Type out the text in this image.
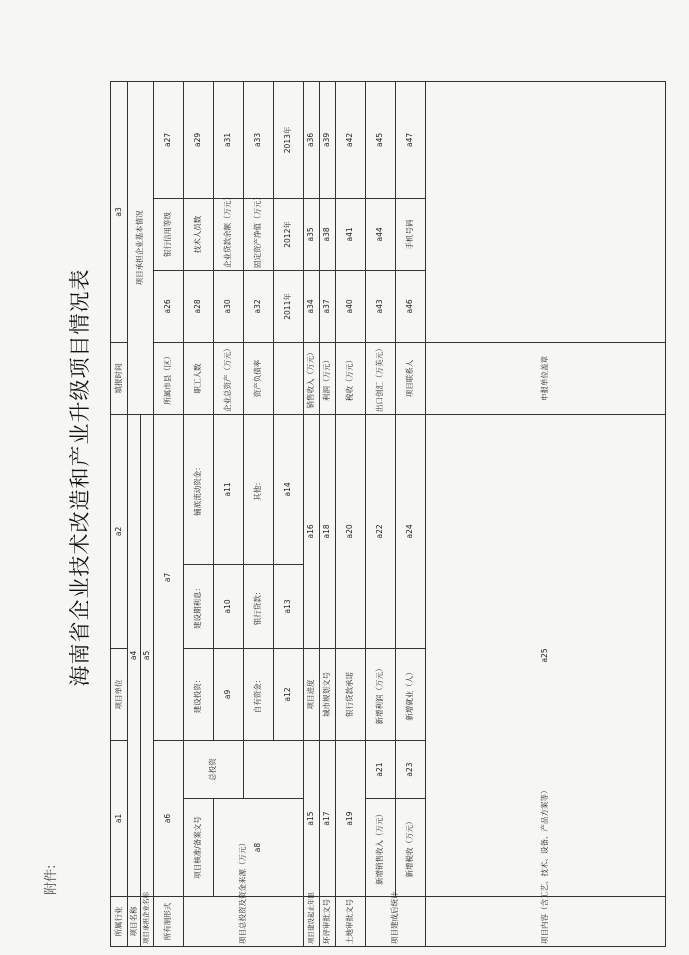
附件:
海南省企业技术改造和产业升级项目情况表
所属行业	a1		项目单位	a2		填报时间	a3		
项目名称	a4					项目承担企业基本情况			
项目承担企业名称	a5								
所有制形式	a6		a7			所属市县（区）	a26	银行信用等级	a27
项目总投资及资金来源（万元）	项目核准/备案文号	总投资	建设投资：	建设期利息：	铺底流动资金：	职工人数	a28	技术人员数	a29
	a8		a9	a10	a11	企业总资产（万元）	a30	企业贷款余额（万元）	a31
			自有资金：	银行贷款：	其他：	资产负债率	a32	固定资产净值（万元）	a33
			a12	a13	a14		2011年	2012年	2013年
项目建设起止年限	a15		项目进度	a16		销售收入（万元）	a34	a35	a36
环评审批文号	a17		城市规划文号	a18		利润（万元）	a37	a38	a39
土地审批文号	a19		银行贷款承诺	a20		税收（万元）	a40	a41	a42
项目建成后统计	新增销售收入（万元）	a21	新增利润（万元）	a22		出口创汇（万美元）	a43	a44	a45
	新增税收（万元）	a23	新增就业（人）	a24		项目联系人	a46	手机号码	a47
项目内容（含工艺、技术、设备、产品方案等）	a25					申报单位盖章			
